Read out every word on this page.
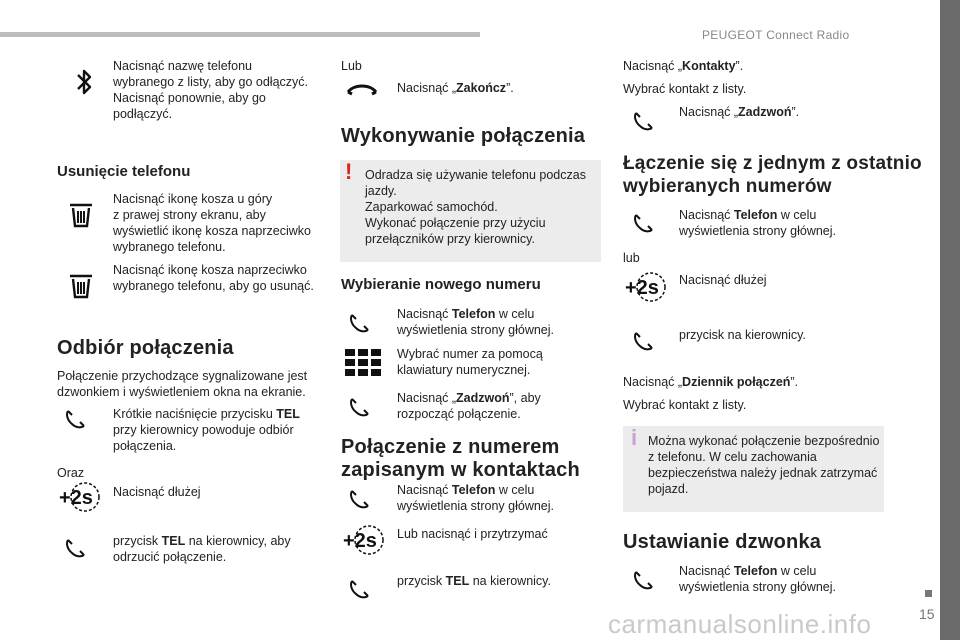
PEUGEOT Connect Radio
15
carmanualsonline.info
Nacisnąć nazwę telefonu
wybranego z listy, aby go odłączyć.
Nacisnąć ponownie, aby go
podłączyć.
Usunięcie telefonu
Nacisnąć ikonę kosza u góry
z prawej strony ekranu, aby
wyświetlić ikonę kosza naprzeciwko
wybranego telefonu.
Nacisnąć ikonę kosza naprzeciwko
wybranego telefonu, aby go usunąć.
Odbiór połączenia
Połączenie przychodzące sygnalizowane jest
dzwonkiem i wyświetleniem okna na ekranie.
Krótkie naciśnięcie przycisku TEL
przy kierownicy powoduje odbiór
połączenia.
Oraz
+2s Nacisnąć dłużej
przycisk TEL na kierownicy, aby
odrzucić połączenie.
Lub
Nacisnąć „Zakończ”.
Wykonywanie połączenia
! Odradza się używanie telefonu podczas
jazdy.
Zaparkować samochód.
Wykonać połączenie przy użyciu
przełączników przy kierownicy.
Wybieranie nowego numeru
Nacisnąć Telefon w celu
wyświetlenia strony głównej.
Wybrać numer za pomocą
klawiatury numerycznej.
Nacisnąć „Zadzwoń”, aby
rozpocząć połączenie.
Połączenie z numerem
zapisanym w kontaktach
Nacisnąć Telefon w celu
wyświetlenia strony głównej.
+2s Lub nacisnąć i przytrzymać
przycisk TEL na kierownicy.
Nacisnąć „Kontakty”.
Wybrać kontakt z listy.
Nacisnąć „Zadzwoń”.
Łączenie się z jednym z ostatnio
wybieranych numerów
Nacisnąć Telefon w celu
wyświetlenia strony głównej.
lub
+2s Nacisnąć dłużej
przycisk na kierownicy.
Nacisnąć „Dziennik połączeń”.
Wybrać kontakt z listy.
i Można wykonać połączenie bezpośrednio
z telefonu. W celu zachowania
bezpieczeństwa należy jednak zatrzymać
pojazd.
Ustawianie dzwonka
Nacisnąć Telefon w celu
wyświetlenia strony głównej.
